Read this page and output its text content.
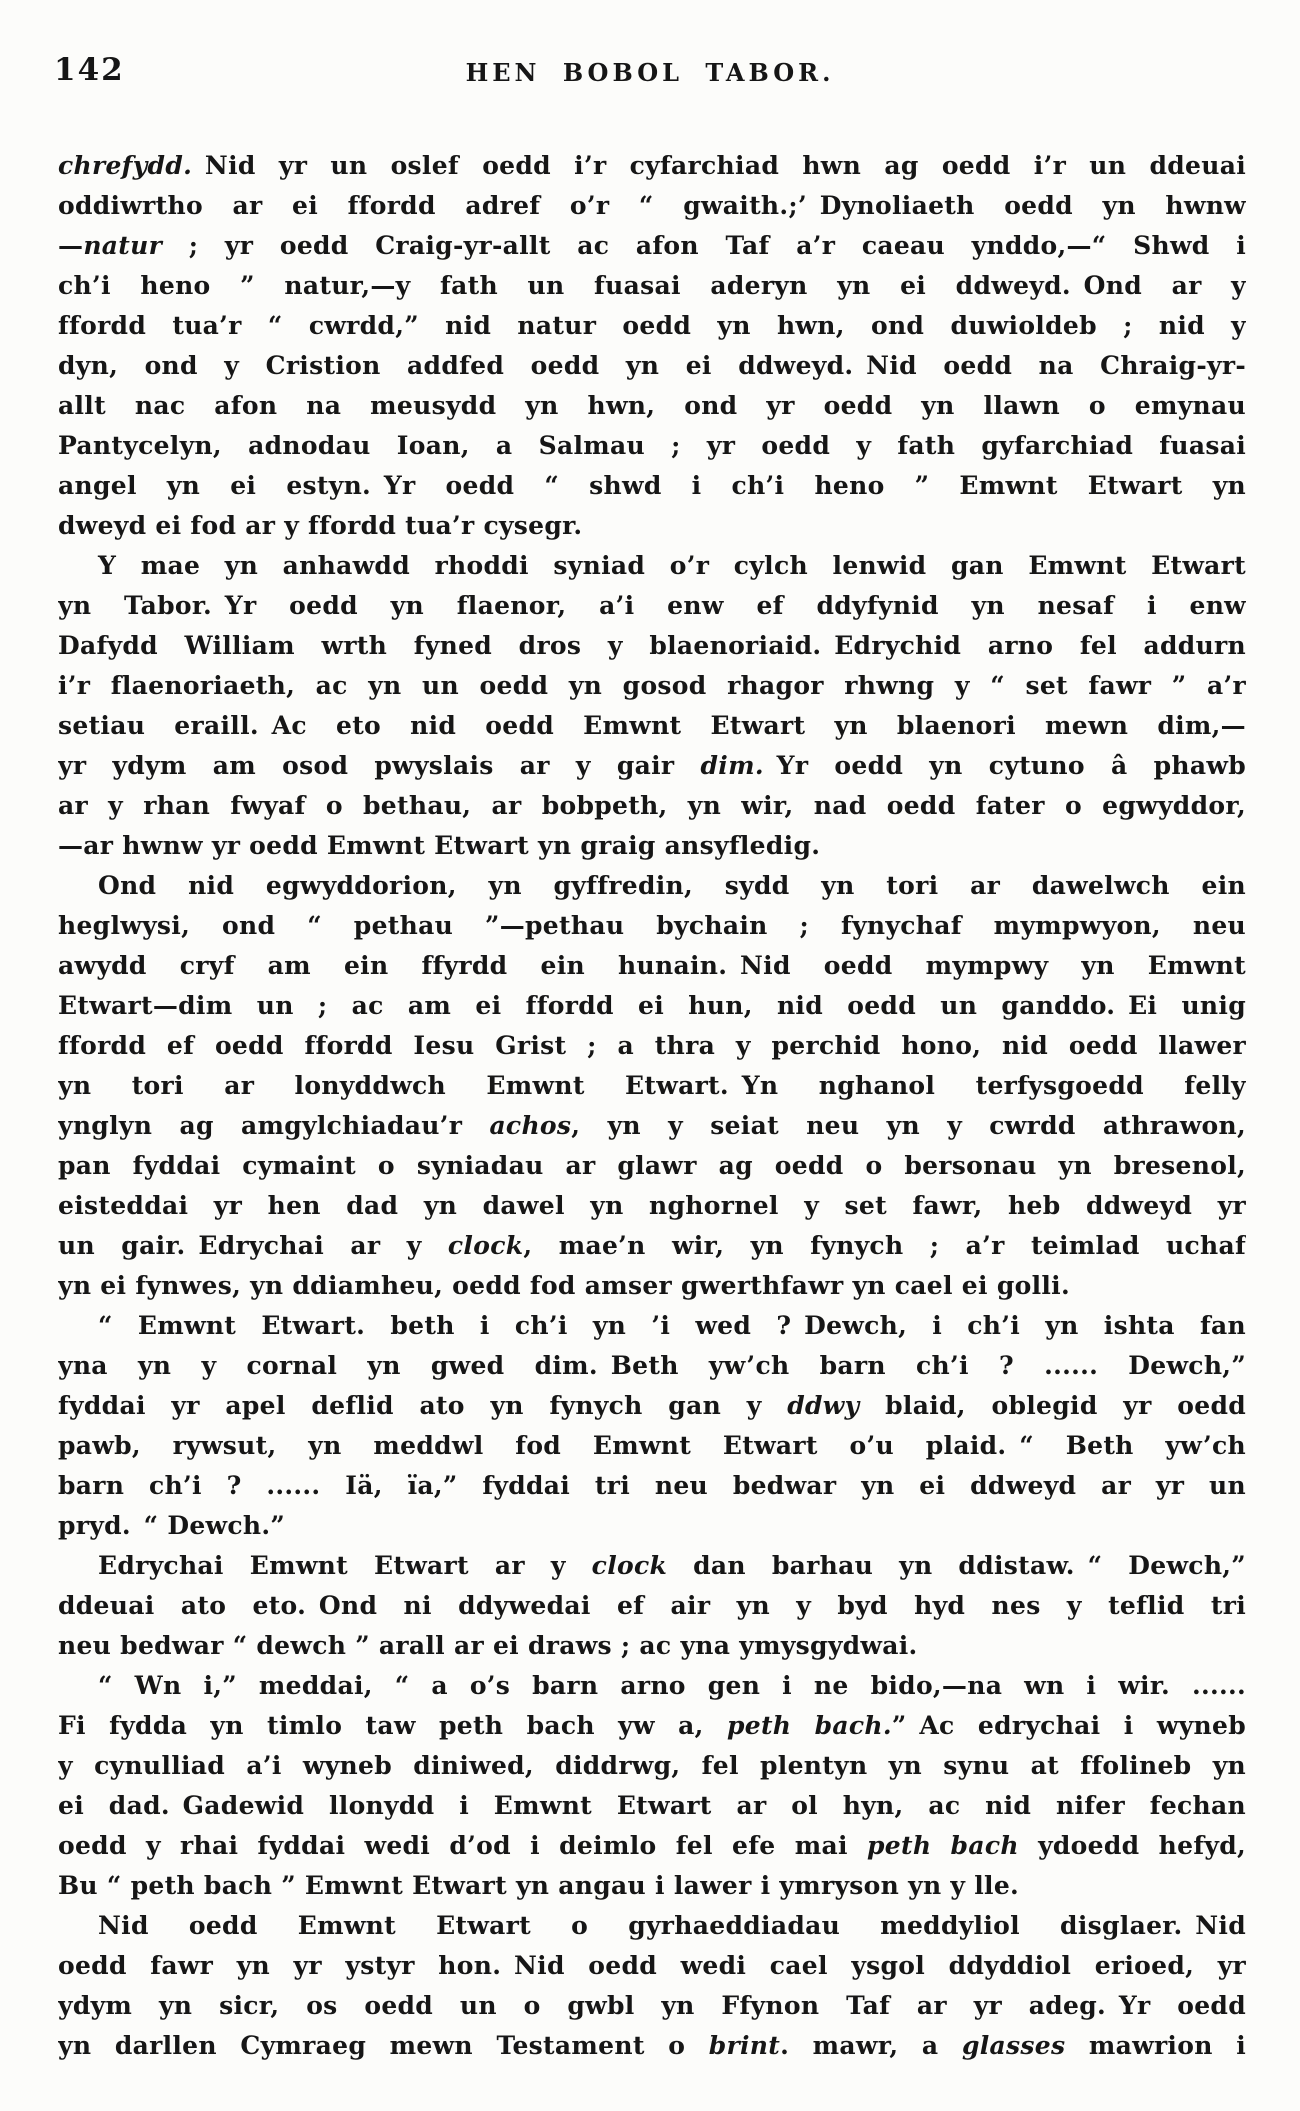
142	HEN BOBOL TABOR.
chrefydd. Nid yr un oslef oedd i’r cyfarchiad hwn ag oedd i’r un ddeuai
oddiwrtho ar ei ffordd adref o’r “ gwaith.;’ Dynoliaeth oedd yn hwnw
—natur ; yr oedd Craig-yr-allt ac afon Taf a’r caeau ynddo,—“ Shwd i
ch’i heno ” natur,—y fath un fuasai aderyn yn ei ddweyd. Ond ar y
ffordd tua’r “ cwrdd,” nid natur oedd yn hwn, ond duwioldeb ; nid y
dyn, ond y Cristion addfed oedd yn ei ddweyd. Nid oedd na Chraig-yr-
allt nac afon na meusydd yn hwn, ond yr oedd yn llawn o emynau
Pantycelyn, adnodau Ioan, a Salmau ; yr oedd y fath gyfarchiad fuasai
angel yn ei estyn. Yr oedd “ shwd i ch’i heno ” Emwnt Etwart yn
dweyd ei fod ar y ffordd tua’r cysegr.
Y mae yn anhawdd rhoddi syniad o’r cylch lenwid gan Emwnt Etwart
yn Tabor. Yr oedd yn flaenor, a’i enw ef ddyfynid yn nesaf i enw
Dafydd William wrth fyned dros y blaenoriaid. Edrychid arno fel addurn
i’r flaenoriaeth, ac yn un oedd yn gosod rhagor rhwng y “ set fawr ” a’r
setiau eraill. Ac eto nid oedd Emwnt Etwart yn blaenori mewn dim,—
yr ydym am osod pwyslais ar y gair dim. Yr oedd yn cytuno â phawb
ar y rhan fwyaf o bethau, ar bobpeth, yn wir, nad oedd fater o egwyddor,
—ar hwnw yr oedd Emwnt Etwart yn graig ansyfledig.
Ond nid egwyddorion, yn gyffredin, sydd yn tori ar dawelwch ein
heglwysi, ond “ pethau ”—pethau bychain ; fynychaf mympwyon, neu
awydd cryf am ein ffyrdd ein hunain. Nid oedd mympwy yn Emwnt
Etwart—dim un ; ac am ei ffordd ei hun, nid oedd un ganddo. Ei unig
ffordd ef oedd ffordd Iesu Grist ; a thra y perchid hono, nid oedd llawer
yn tori ar lonyddwch Emwnt Etwart. Yn nghanol terfysgoedd felly
ynglyn ag amgylchiadau’r achos, yn y seiat neu yn y cwrdd athrawon,
pan fyddai cymaint o syniadau ar glawr ag oedd o bersonau yn bresenol,
eisteddai yr hen dad yn dawel yn nghornel y set fawr, heb ddweyd yr
un gair. Edrychai ar y clock, mae’n wir, yn fynych ; a’r teimlad uchaf
yn ei fynwes, yn ddiamheu, oedd fod amser gwerthfawr yn cael ei golli.
“ Emwnt Etwart. beth i ch’i yn ’i wed ? Dewch, i ch’i yn ishta fan
yna yn y cornal yn gwed dim. Beth yw’ch barn ch’i ? ...... Dewch,”
fyddai yr apel deflid ato yn fynych gan y ddwy blaid, oblegid yr oedd
pawb, rywsut, yn meddwl fod Emwnt Etwart o’u plaid. “ Beth yw’ch
barn ch’i ? ...... Iä, ïa,” fyddai tri neu bedwar yn ei ddweyd ar yr un
pryd. “ Dewch.”
Edrychai Emwnt Etwart ar y clock dan barhau yn ddistaw. “ Dewch,”
ddeuai ato eto. Ond ni ddywedai ef air yn y byd hyd nes y teflid tri
neu bedwar “ dewch ” arall ar ei draws ; ac yna ymysgydwai.
“ Wn i,” meddai, “ a o’s barn arno gen i ne bido,—na wn i wir. ......
Fi fydda yn timlo taw peth bach yw a, peth bach.” Ac edrychai i wyneb
y cynulliad a’i wyneb diniwed, diddrwg, fel plentyn yn synu at ffolineb yn
ei dad. Gadewid llonydd i Emwnt Etwart ar ol hyn, ac nid nifer fechan
oedd y rhai fyddai wedi d’od i deimlo fel efe mai peth bach ydoedd hefyd,
Bu “ peth bach ” Emwnt Etwart yn angau i lawer i ymryson yn y lle.
Nid oedd Emwnt Etwart o gyrhaeddiadau meddyliol disglaer. Nid
oedd fawr yn yr ystyr hon. Nid oedd wedi cael ysgol ddyddiol erioed, yr
ydym yn sicr, os oedd un o gwbl yn Ffynon Taf ar yr adeg. Yr oedd
yn darllen Cymraeg mewn Testament o brint. mawr, a glasses mawrion i
